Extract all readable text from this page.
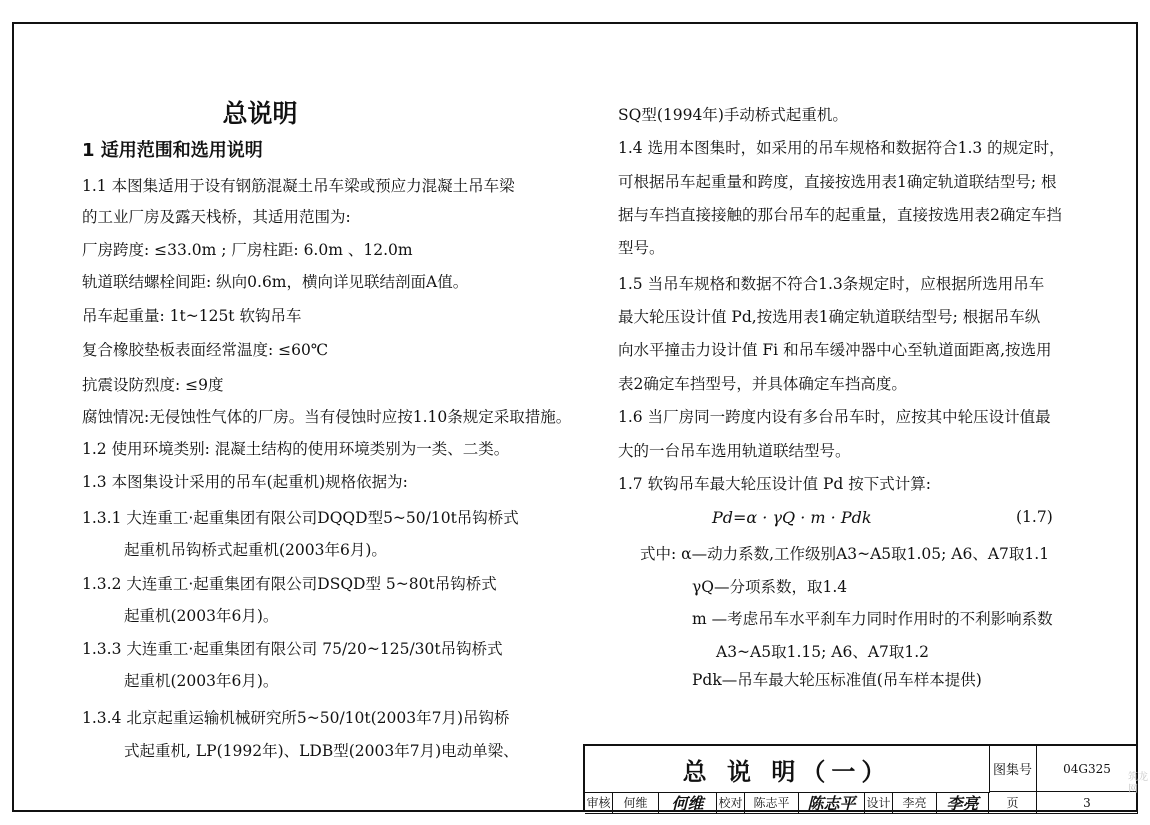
总说明
1 适用范围和选用说明
1.1 本图集适用于设有钢筋混凝土吊车梁或预应力混凝土吊车梁
的工业厂房及露天栈桥，其适用范围为:
厂房跨度: ≤33.0m ; 厂房柱距: 6.0m 、12.0m
轨道联结螺栓间距: 纵向0.6m，横向详见联结剖面A值。
吊车起重量: 1t~125t 软钩吊车
复合橡胶垫板表面经常温度: ≤60℃
抗震设防烈度: ≤9度
腐蚀情况:无侵蚀性气体的厂房。当有侵蚀时应按1.10条规定采取措施。
1.2 使用环境类别: 混凝土结构的使用环境类别为一类、二类。
1.3 本图集设计采用的吊车(起重机)规格依据为:
1.3.1 大连重工·起重集团有限公司DQQD型5~50/10t吊钩桥式
起重机吊钩桥式起重机(2003年6月)。
1.3.2 大连重工·起重集团有限公司DSQD型 5~80t吊钩桥式
起重机(2003年6月)。
1.3.3 大连重工·起重集团有限公司 75/20~125/30t吊钩桥式
起重机(2003年6月)。
1.3.4 北京起重运输机械研究所5~50/10t(2003年7月)吊钩桥
式起重机, LP(1992年)、LDB型(2003年7月)电动单梁、
SQ型(1994年)手动桥式起重机。
1.4 选用本图集时，如采用的吊车规格和数据符合1.3 的规定时，
可根据吊车起重量和跨度，直接按选用表1确定轨道联结型号; 根
据与车挡直接接触的那台吊车的起重量，直接按选用表2确定车挡
型号。
1.5 当吊车规格和数据不符合1.3条规定时，应根据所选用吊车
最大轮压设计值 Pd,按选用表1确定轨道联结型号; 根据吊车纵
向水平撞击力设计值 Fi 和吊车缓冲器中心至轨道面距离,按选用
表2确定车挡型号，并具体确定车挡高度。
1.6 当厂房同一跨度内设有多台吊车时，应按其中轮压设计值最
大的一台吊车选用轨道联结型号。
1.7 软钩吊车最大轮压设计值 Pd 按下式计算:
Pd=α · γQ · m · Pdk	(1.7)
式中: α—动力系数,工作级别A3~A5取1.05; A6、A7取1.1
γQ—分项系数，取1.4
m —考虑吊车水平刹车力同时作用时的不利影响系数
A3~A5取1.15; A6、A7取1.2
Pdk—吊车最大轮压标准值(吊车样本提供)
总 说 明（一）	图集号	04G325
审核	何维	何维	校对 陈志平	陈志平 设计 李亮	李亮	页	3
筑龙网
